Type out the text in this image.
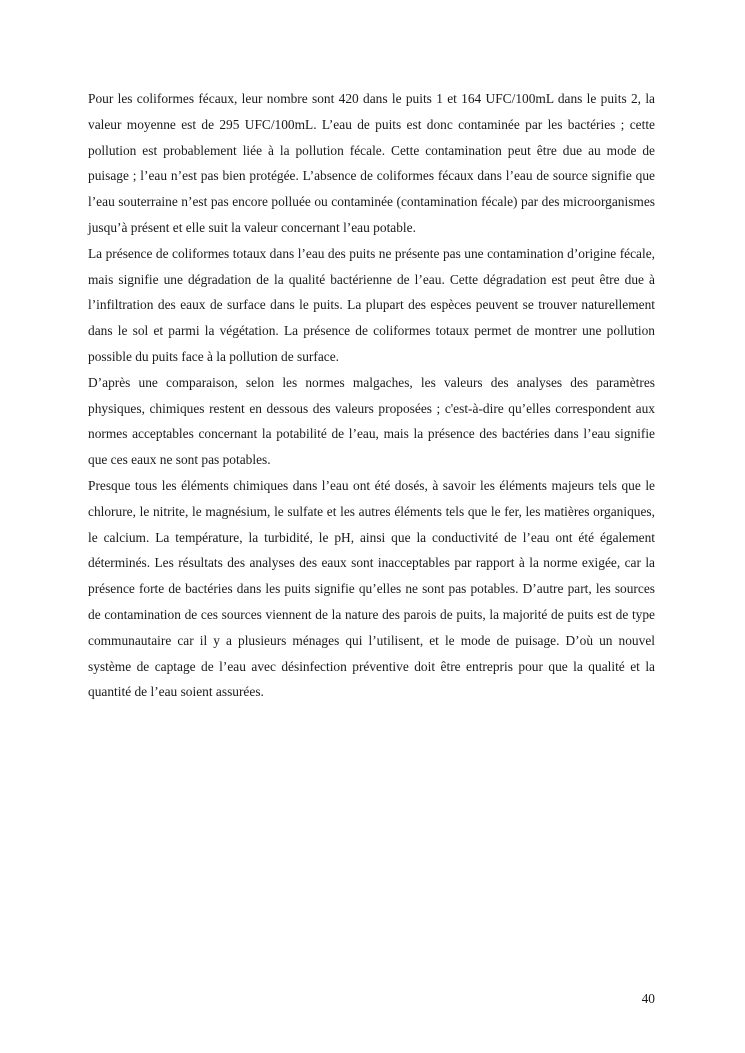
Pour les coliformes fécaux, leur nombre sont 420 dans le puits 1 et 164 UFC/100mL dans le puits 2, la valeur moyenne est de 295 UFC/100mL. L’eau de puits est donc contaminée par les bactéries ; cette pollution est probablement liée à la pollution fécale. Cette contamination peut être due au mode de puisage ; l’eau n’est pas bien protégée. L’absence de coliformes fécaux dans l’eau de source signifie que l’eau souterraine n’est pas encore polluée ou contaminée (contamination fécale) par des microorganismes jusqu’à présent et elle suit la valeur concernant l’eau potable.

La présence de coliformes totaux dans l’eau des puits ne présente pas une contamination d’origine fécale, mais signifie une dégradation de la qualité bactérienne de l’eau. Cette dégradation est peut être due à l’infiltration des eaux de surface dans le puits. La plupart des espèces peuvent se trouver naturellement dans le sol et parmi la végétation. La présence de coliformes totaux permet de montrer une pollution possible du puits face à la pollution de surface.

D’après une comparaison, selon les normes malgaches, les valeurs des analyses des paramètres physiques, chimiques restent en dessous des valeurs proposées ; c'est-à-dire qu’elles correspondent aux normes acceptables concernant la potabilité de l’eau, mais la présence des bactéries dans l’eau signifie que ces eaux ne sont pas potables.

Presque tous les éléments chimiques dans l’eau ont été dosés, à savoir les éléments majeurs tels que le chlorure, le nitrite, le magnésium, le sulfate et les autres éléments tels que le fer, les matières organiques, le calcium. La température, la turbidité, le pH, ainsi que la conductivité de l’eau ont été également déterminés. Les résultats des analyses des eaux sont inacceptables par rapport à la norme exigée, car la présence forte de bactéries dans les puits signifie qu’elles ne sont pas potables. D’autre part, les sources de contamination de ces sources viennent de la nature des parois de puits, la majorité de puits est de type communautaire car il y a plusieurs ménages qui l’utilisent, et le mode de puisage. D’où un nouvel système de captage de l’eau avec désinfection préventive doit être entrepris pour que la qualité et la quantité de l’eau soient assurées.

40
